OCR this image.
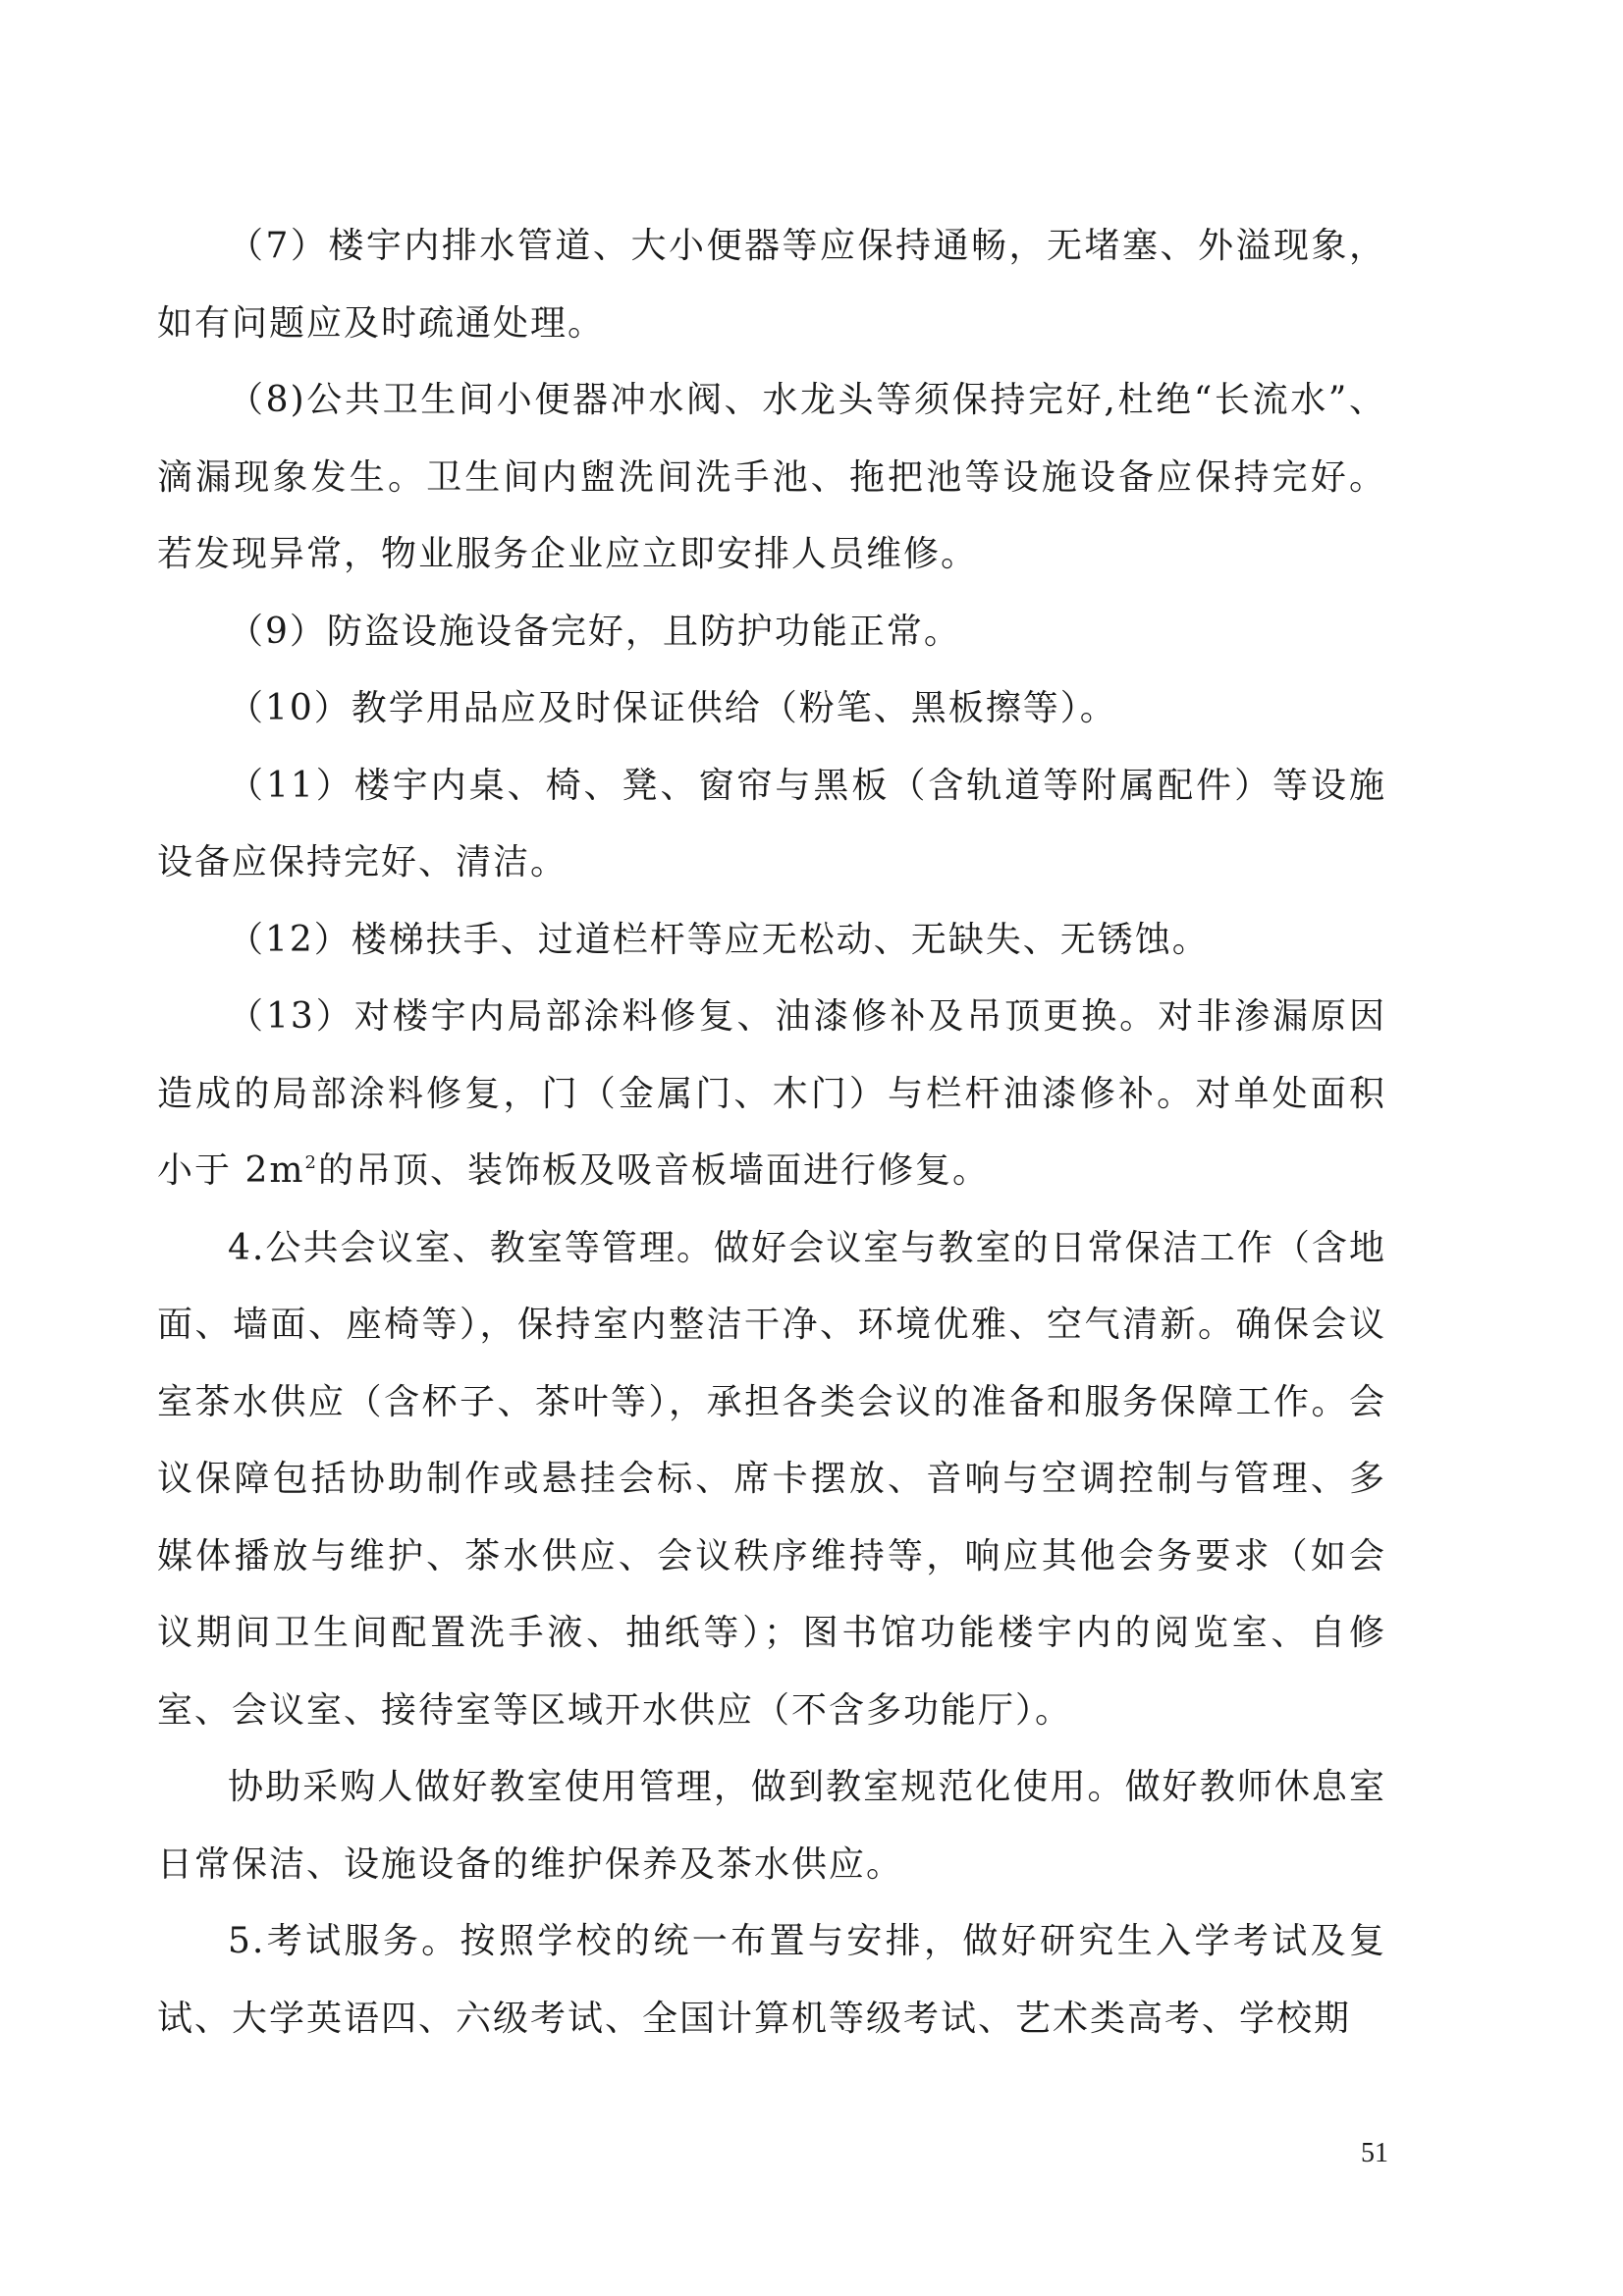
（7）楼宇内排水管道、大小便器等应保持通畅，无堵塞、外溢现象，如有问题应及时疏通处理。

（8)公共卫生间小便器冲水阀、水龙头等须保持完好,杜绝“长流水”、滴漏现象发生。卫生间内盥洗间洗手池、拖把池等设施设备应保持完好。若发现异常，物业服务企业应立即安排人员维修。

（9）防盗设施设备完好，且防护功能正常。

（10）教学用品应及时保证供给（粉笔、黑板擦等）。

（11）楼宇内桌、椅、凳、窗帘与黑板（含轨道等附属配件）等设施设备应保持完好、清洁。

（12）楼梯扶手、过道栏杆等应无松动、无缺失、无锈蚀。

（13）对楼宇内局部涂料修复、油漆修补及吊顶更换。对非渗漏原因造成的局部涂料修复，门（金属门、木门）与栏杆油漆修补。对单处面积小于 $2m^2$的吊顶、装饰板及吸音板墙面进行修复。

4.公共会议室、教室等管理。做好会议室与教室的日常保洁工作（含地面、墙面、座椅等），保持室内整洁干净、环境优雅、空气清新。确保会议室茶水供应（含杯子、茶叶等），承担各类会议的准备和服务保障工作。会议保障包括协助制作或悬挂会标、席卡摆放、音响与空调控制与管理、多媒体播放与维护、茶水供应、会议秩序维持等，响应其他会务要求（如会议期间卫生间配置洗手液、抽纸等）；图书馆功能楼宇内的阅览室、自修室、会议室、接待室等区域开水供应（不含多功能厅）。

协助采购人做好教室使用管理，做到教室规范化使用。做好教师休息室日常保洁、设施设备的维护保养及茶水供应。

5.考试服务。按照学校的统一布置与安排，做好研究生入学考试及复试、大学英语四、六级考试、全国计算机等级考试、艺术类高考、学校期

51
